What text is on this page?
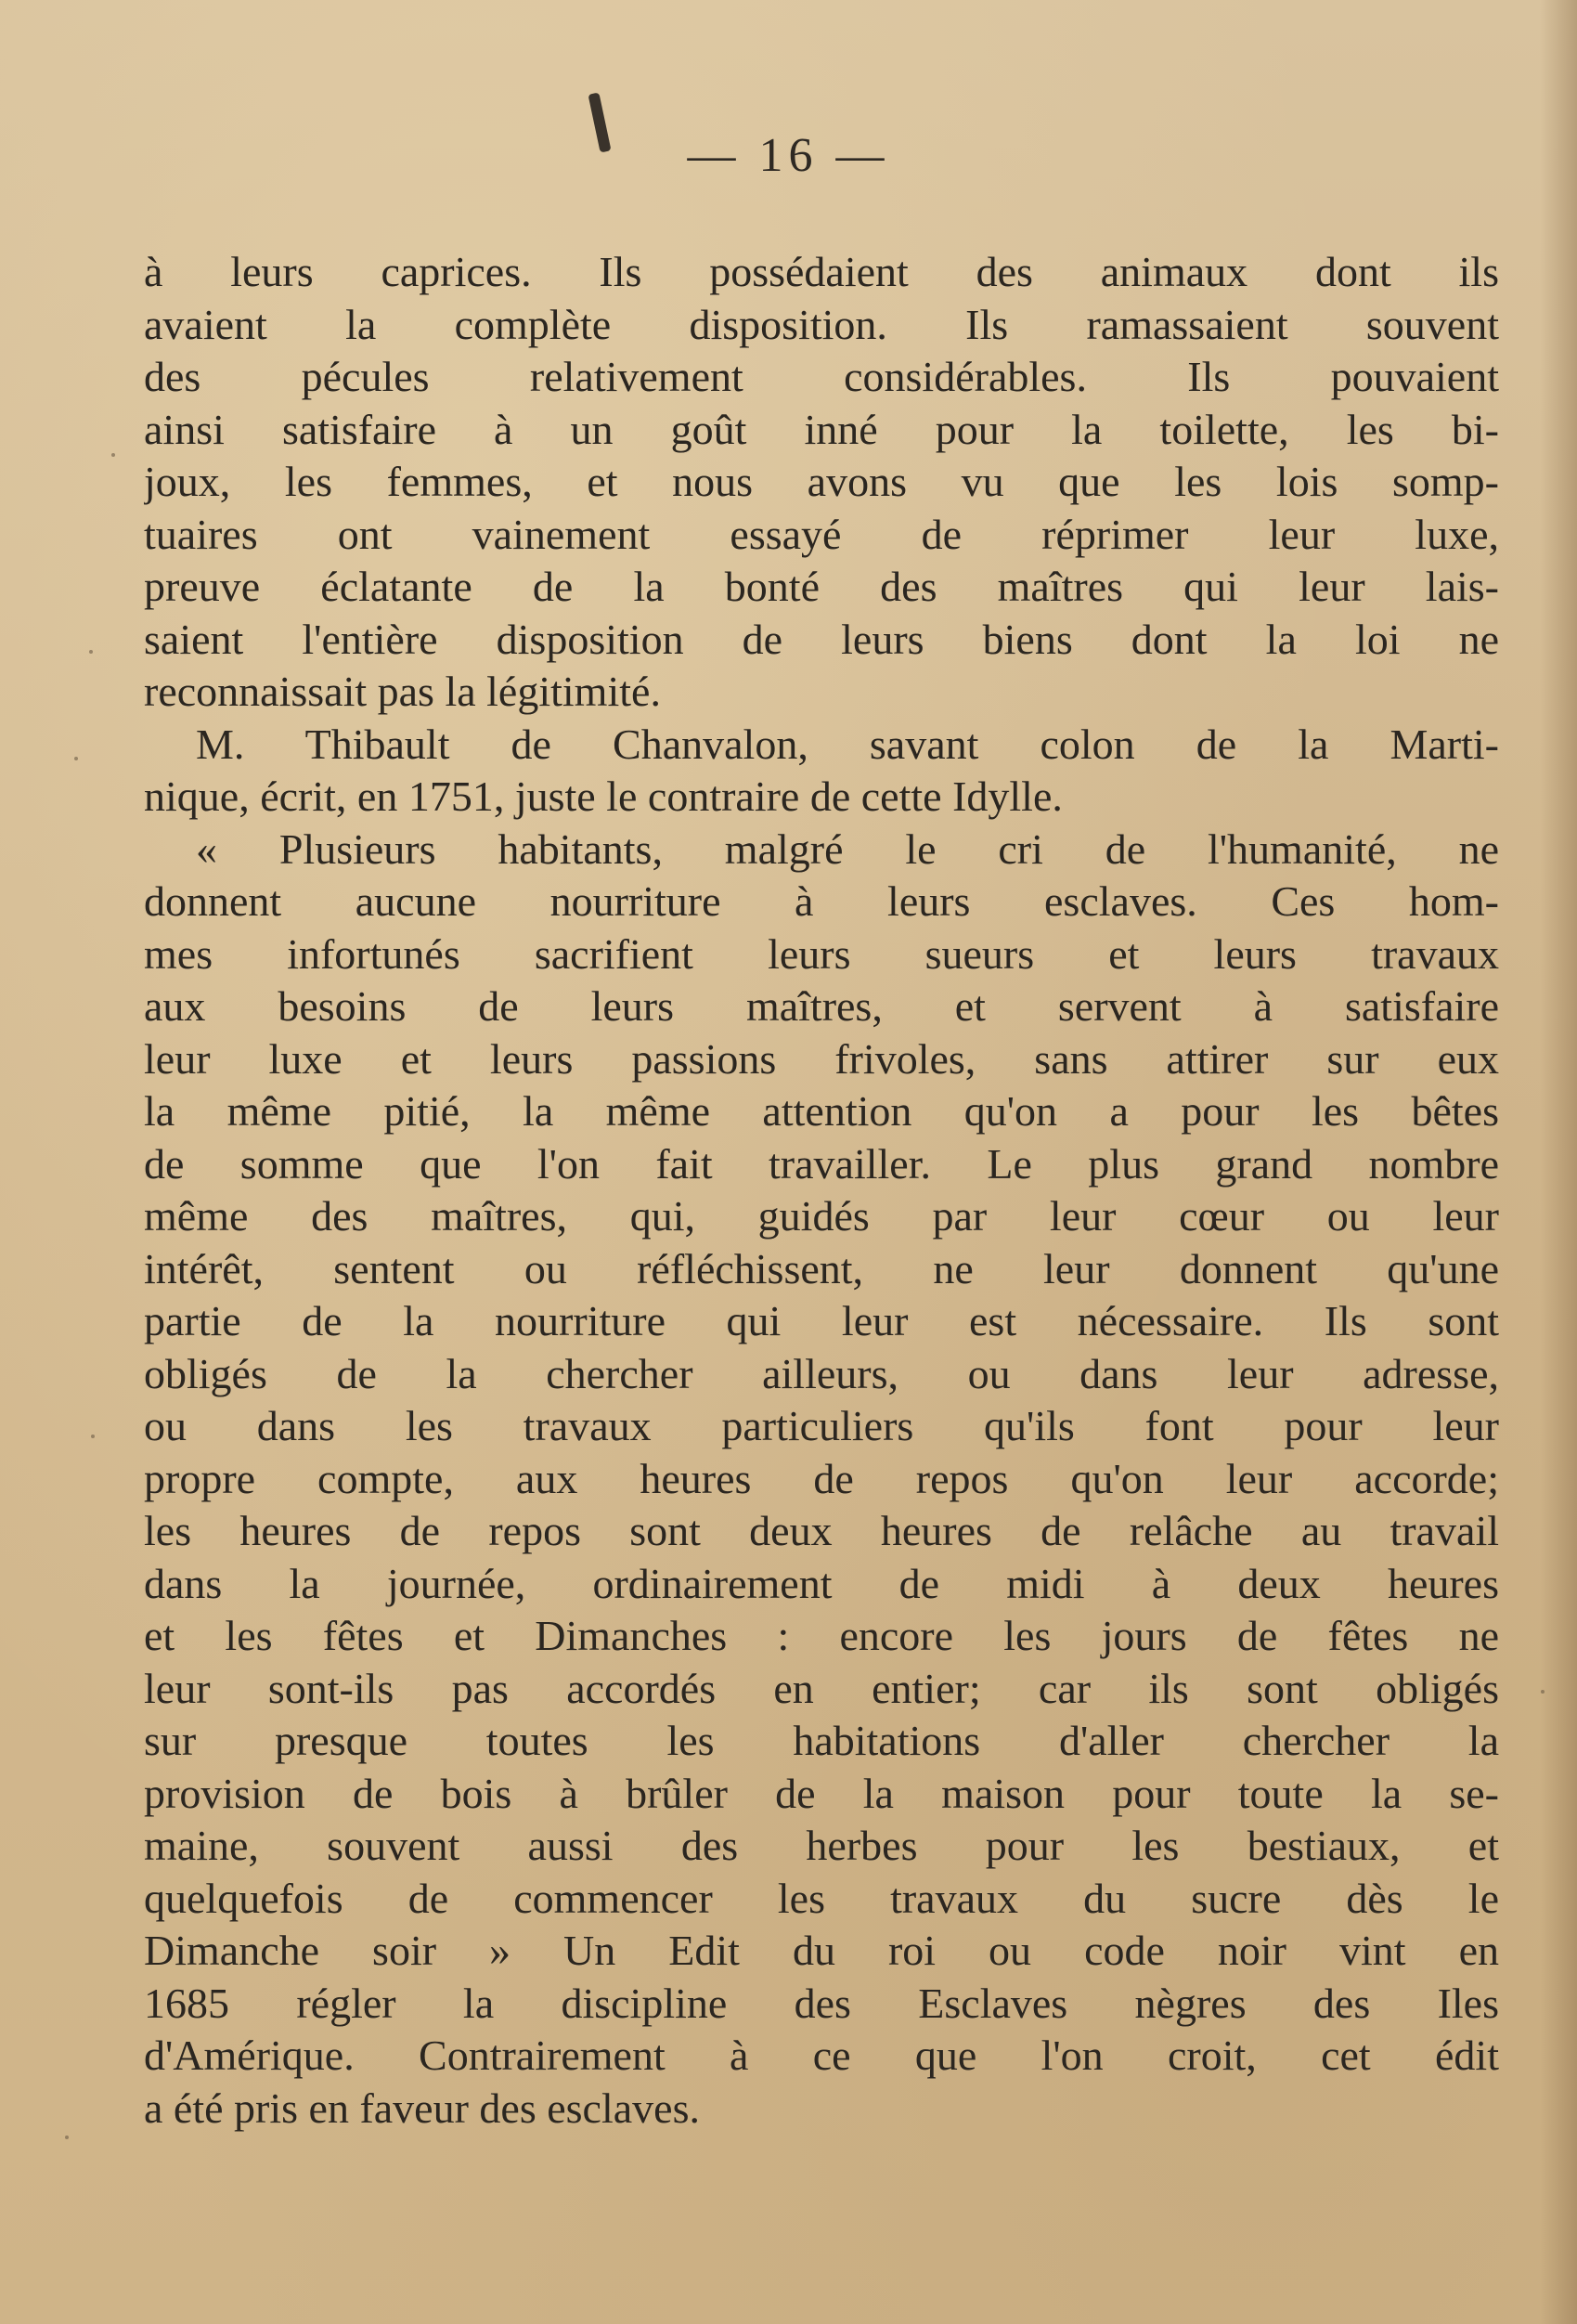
— 16 —
à leurs caprices. Ils possédaient des animaux dont ils
avaient la complète disposition. Ils ramassaient souvent
des pécules relativement considérables. Ils pouvaient
ainsi satisfaire à un goût inné pour la toilette, les bi-
joux, les femmes, et nous avons vu que les lois somp-
tuaires ont vainement essayé de réprimer leur luxe,
preuve éclatante de la bonté des maîtres qui leur lais-
saient l'entière disposition de leurs biens dont la loi ne
reconnaissait pas la légitimité.
M. Thibault de Chanvalon, savant colon de la Marti-
nique, écrit, en 1751, juste le contraire de cette Idylle.
« Plusieurs habitants, malgré le cri de l'humanité, ne
donnent aucune nourriture à leurs esclaves. Ces hom-
mes infortunés sacrifient leurs sueurs et leurs travaux
aux besoins de leurs maîtres, et servent à satisfaire
leur luxe et leurs passions frivoles, sans attirer sur eux
la même pitié, la même attention qu'on a pour les bêtes
de somme que l'on fait travailler. Le plus grand nombre
même des maîtres, qui, guidés par leur cœur ou leur
intérêt, sentent ou réfléchissent, ne leur donnent qu'une
partie de la nourriture qui leur est nécessaire. Ils sont
obligés de la chercher ailleurs, ou dans leur adresse,
ou dans les travaux particuliers qu'ils font pour leur
propre compte, aux heures de repos qu'on leur accorde;
les heures de repos sont deux heures de relâche au travail
dans la journée, ordinairement de midi à deux heures
et les fêtes et Dimanches : encore les jours de fêtes ne
leur sont-ils pas accordés en entier; car ils sont obligés
sur presque toutes les habitations d'aller chercher la
provision de bois à brûler de la maison pour toute la se-
maine, souvent aussi des herbes pour les bestiaux, et
quelquefois de commencer les travaux du sucre dès le
Dimanche soir » Un Edit du roi ou code noir vint en
1685 régler la discipline des Esclaves nègres des Iles
d'Amérique. Contrairement à ce que l'on croit, cet édit
a été pris en faveur des esclaves.
